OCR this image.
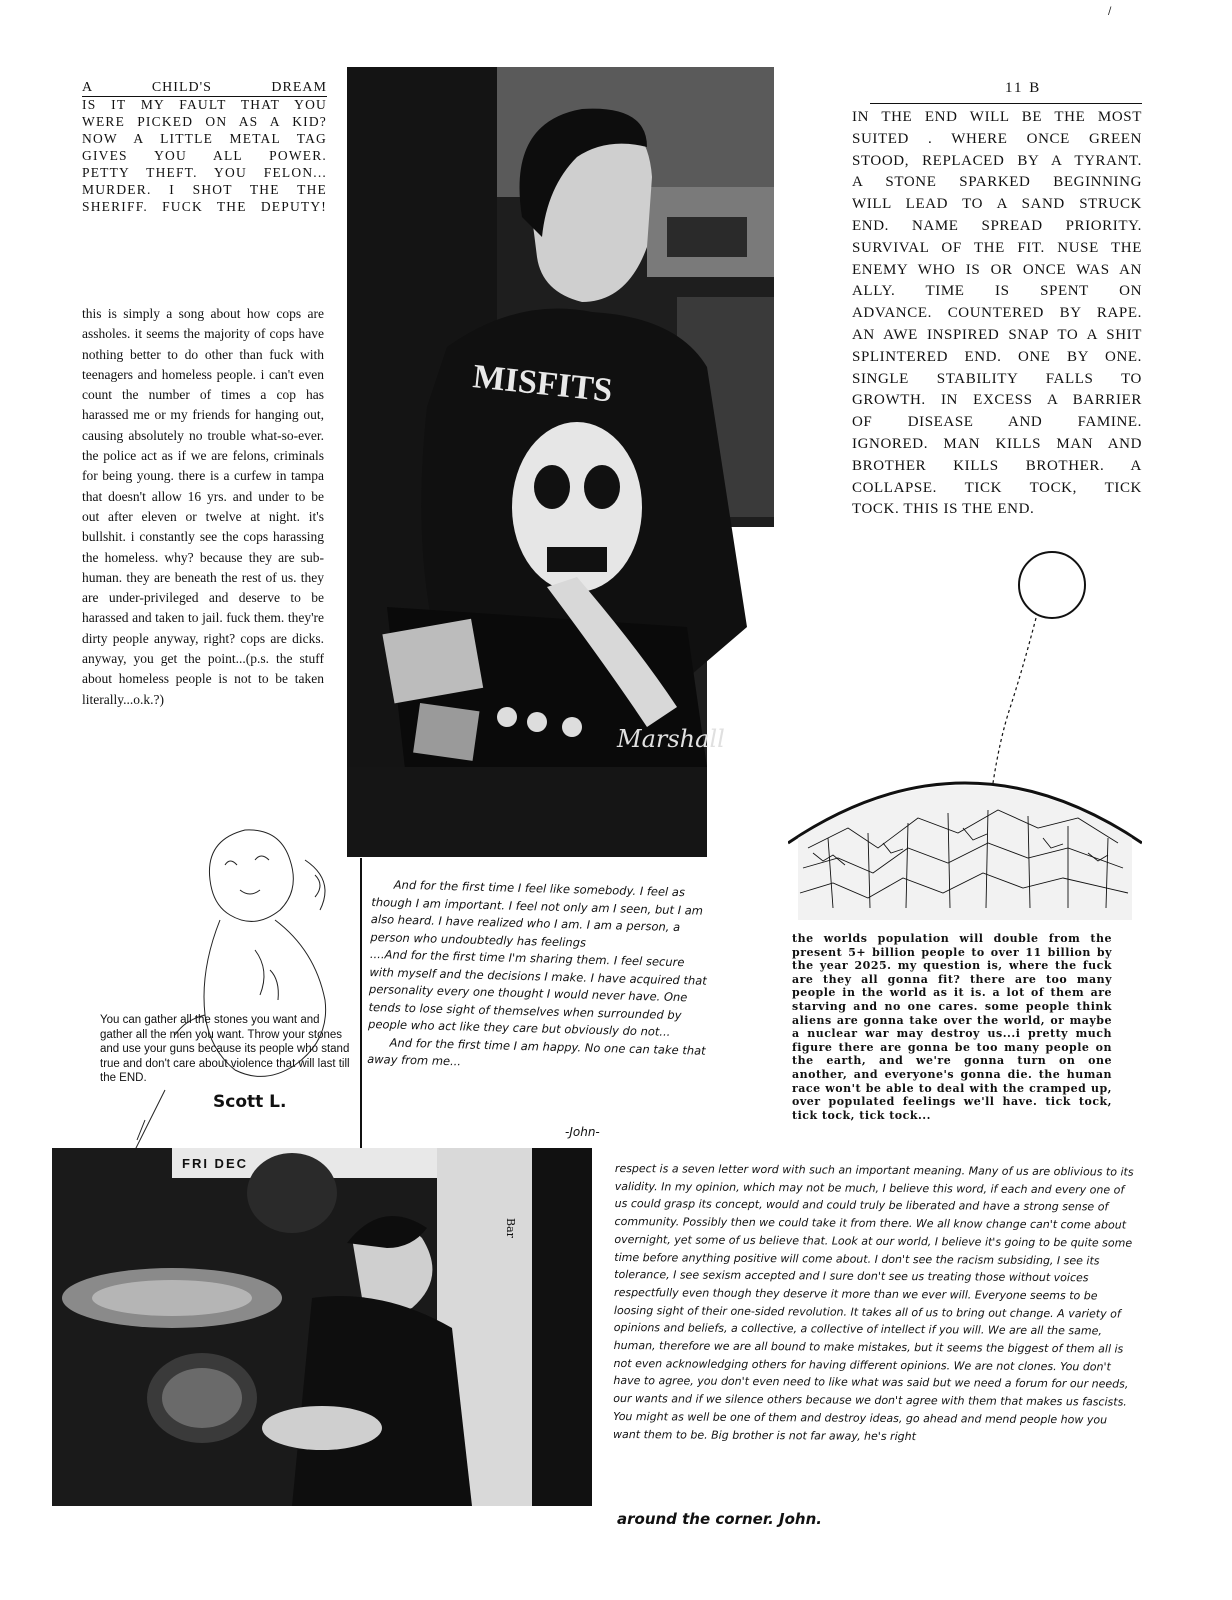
/
A CHILD'S DREAM
IS IT MY FAULT THAT YOU
WERE PICKED ON AS A KID?
NOW A LITTLE METAL TAG
GIVES YOU ALL POWER.
PETTY THEFT. YOU FELON...
MURDER. I SHOT THE THE
SHERIFF. FUCK THE DEPUTY!
this is simply a song about how cops are assholes. it seems the majority of cops have nothing better to do other than fuck with teenagers and homeless people. i can't even count the number of times a cop has harassed me or my friends for hanging out, causing absolutely no trouble what-so-ever. the police act as if we are felons, criminals for being young. there is a curfew in tampa that doesn't allow 16 yrs. and under to be out after eleven or twelve at night. it's bullshit. i constantly see the cops harassing the homeless. why? because they are sub-human. they are beneath the rest of us. they are under-privileged and deserve to be harassed and taken to jail. fuck them. they're dirty people anyway, right? cops are dicks. anyway, you get the point...(p.s. the stuff about homeless people is not to be taken literally...o.k.?)
MISFITS
Marshall
11 B
IN THE END WILL BE THE MOST
SUITED . WHERE ONCE GREEN
STOOD, REPLACED BY A TYRANT.
A STONE SPARKED BEGINNING
WILL LEAD TO A SAND STRUCK
END. NAME SPREAD PRIORITY.
SURVIVAL OF THE FIT. NUSE THE
ENEMY WHO IS OR ONCE WAS AN
ALLY. TIME IS SPENT ON
ADVANCE. COUNTERED BY RAPE.
AN AWE INSPIRED SNAP TO A SHIT
SPLINTERED END. ONE BY ONE.
SINGLE STABILITY FALLS TO
GROWTH. IN EXCESS A BARRIER
OF DISEASE AND FAMINE.
IGNORED. MAN KILLS MAN AND
BROTHER KILLS BROTHER. A
COLLAPSE. TICK TOCK, TICK
TOCK. THIS IS THE END.

And for the first time I feel like somebody. I feel as though I am important. I feel not only am I seen, but I am also heard. I have realized who I am. I am a person, a person who undoubtedly has feelings

....And for the first time I'm sharing them. I feel secure with myself and the decisions I make. I have acquired that personality every one thought I would never have. One tends to lose sight of themselves when surrounded by people who act like they care but obviously do not...

And for the first time I am happy. No one can take that away from me...

-John-
You can gather all the stones you want and gather all the men you want. Throw your stones and use your guns because its people who stand true and don't care about violence that will last till the END.
Scott L.
the worlds population will double from the present 5+ billion people to over 11 billion by the year 2025. my question is, where the fuck are they all gonna fit? there are too many people in the world as it is. a lot of them are starving and no one cares. some people think aliens are gonna take over the world, or maybe a nuclear war may destroy us...i pretty much figure there are gonna be too many people on the earth, and we're gonna turn on one another, and everyone's gonna die. the human race won't be able to deal with the cramped up, over populated feelings we'll have. tick tock, tick tock, tick tock...
FRI DEC
Bar
respect is a seven letter word with such an important meaning. Many of us are oblivious to its validity. In my opinion, which may not be much, I believe this word, if each and every one of us could grasp its concept, would and could truly be liberated and have a strong sense of community. Possibly then we could take it from there. We all know change can't come about overnight, yet some of us believe that. Look at our world, I believe it's going to be quite some time before anything positive will come about. I don't see the racism subsiding, I see its tolerance, I see sexism accepted and I sure don't see us treating those without voices respectfully even though they deserve it more than we ever will. Everyone seems to be loosing sight of their one-sided revolution. It takes all of us to bring out change. A variety of opinions and beliefs, a collective, a collective of intellect if you will. We are all the same, human, therefore we are all bound to make mistakes, but it seems the biggest of them all is not even acknowledging others for having different opinions. We are not clones. You don't have to agree, you don't even need to like what was said but we need a forum for our needs, our wants and if we silence others because we don't agree with them that makes us fascists. You might as well be one of them and destroy ideas, go ahead and mend people how you want them to be. Big brother is not far away, he's right
around the corner. John.
